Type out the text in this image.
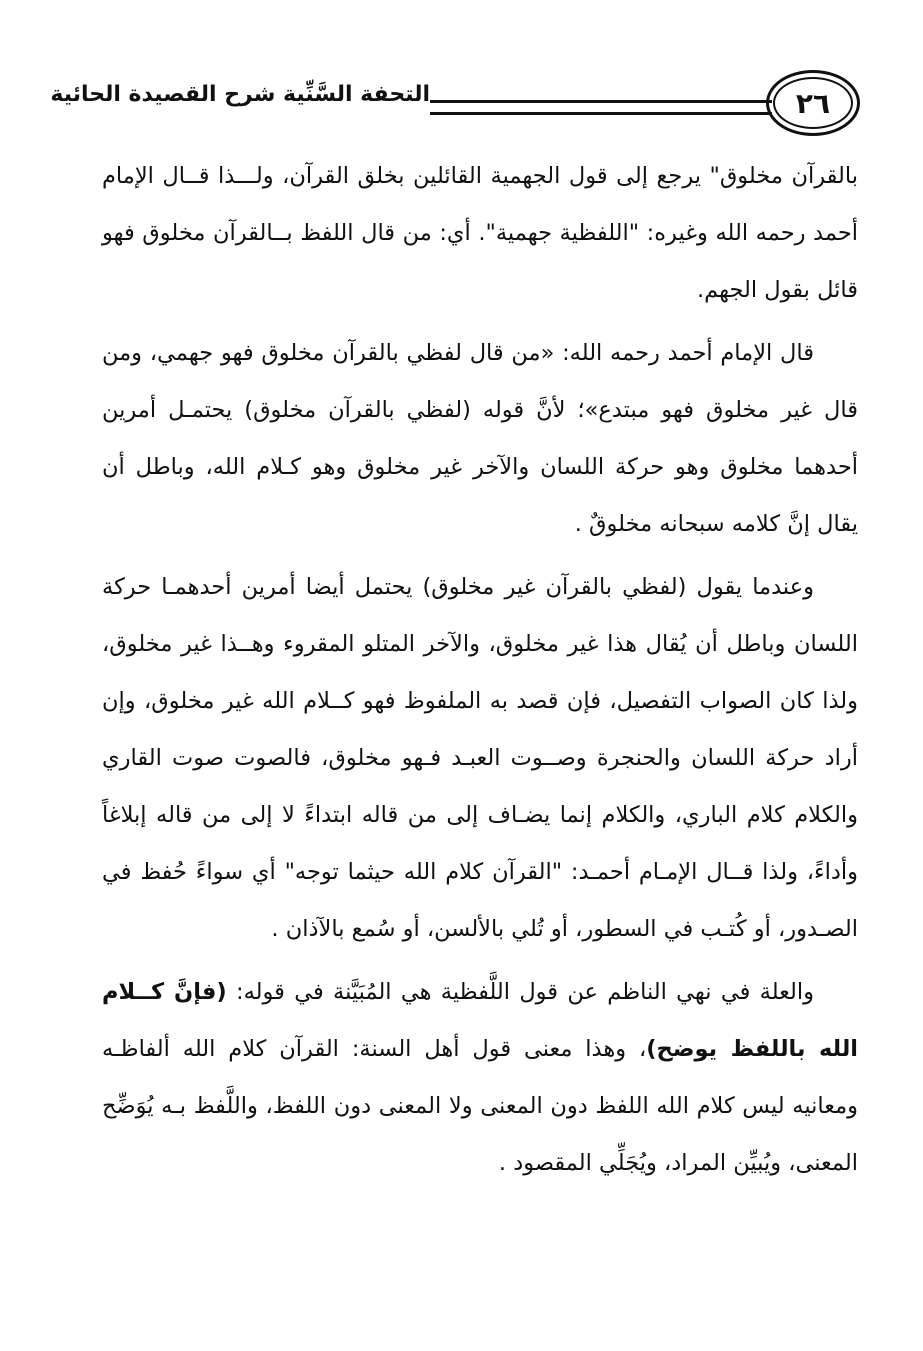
التحفة السَّنِّية شرح القصيدة الحائية	٢٦

بالقرآن مخلوق" يرجع إلى قول الجهمية القائلين بخلق القرآن، ولـــذا قــال الإمام أحمد رحمه الله وغيره: "اللفظية جهمية". أي: من قال اللفظ بــالقرآن مخلوق فهو قائل بقول الجهم.

قال الإمام أحمد رحمه الله: «من قال لفظي بالقرآن مخلوق فهو جهمي، ومن قال غير مخلوق فهو مبتدع»؛ لأنَّ قوله (لفظي بالقرآن مخلوق) يحتمـل أمرين أحدهما مخلوق وهو حركة اللسان والآخر غير مخلوق وهو كـلام الله، وباطل أن يقال إنَّ كلامه سبحانه مخلوقٌ .

وعندما يقول (لفظي بالقرآن غير مخلوق) يحتمل أيضا أمرين أحدهمـا حركة اللسان وباطل أن يُقال هذا غير مخلوق، والآخر المتلو المقروء وهــذا غير مخلوق، ولذا كان الصواب التفصيل، فإن قصد به الملفوظ فهو كــلام الله غير مخلوق، وإن أراد حركة اللسان والحنجرة وصــوت العبـد فـهو مخلوق، فالصوت صوت القاري والكلام كلام الباري، والكلام إنما يضـاف إلى من قاله ابتداءً لا إلى من قاله إبلاغاً وأداءً، ولذا قــال الإمـام أحمـد: "القرآن كلام الله حيثما توجه" أي سواءً حُفظ في الصـدور، أو كُتـب في السطور، أو تُلي بالألسن، أو سُمع بالآذان .

والعلة في نهي الناظم عن قول اللَّفظية هي المُبَيَّنة في قوله: (فإنَّ كــلام الله باللفظ يوضح)، وهذا معنى قول أهل السنة: القرآن كلام الله ألفاظـه ومعانيه ليس كلام الله اللفظ دون المعنى ولا المعنى دون اللفظ، واللَّفظ بـه يُوَضِّح المعنى، ويُبيِّن المراد، ويُجَلِّي المقصود .
